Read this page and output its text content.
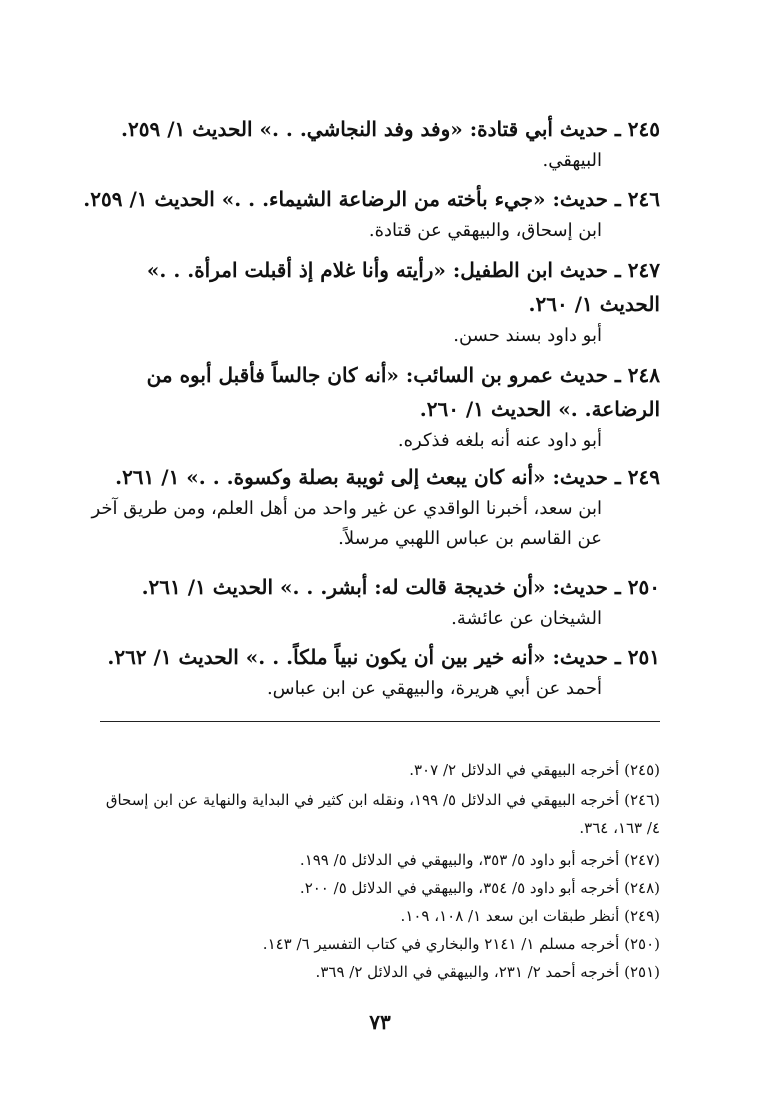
٢٤٥ ـ حديث أبي قتادة: «وفد وفد النجاشي. . .» الحديث ١/ ٢٥٩.

البيهقي.

٢٤٦ ـ حديث: «جيء بأخته من الرضاعة الشيماء. . .» الحديث ١/ ٢٥٩.

ابن إسحاق، والبيهقي عن قتادة.

٢٤٧ ـ حديث ابن الطفيل: «رأيته وأنا غلام إذ أقبلت امرأة. . .» الحديث ١/ ٢٦٠.

أبو داود بسند حسن.

٢٤٨ ـ حديث عمرو بن السائب: «أنه كان جالساً فأقبل أبوه من الرضاعة. .» الحديث ١/ ٢٦٠.

أبو داود عنه أنه بلغه فذكره.

٢٤٩ ـ حديث: «أنه كان يبعث إلى ثويبة بصلة وكسوة. . .» ١/ ٢٦١.

ابن سعد، أخبرنا الواقدي عن غير واحد من أهل العلم، ومن طريق آخر عن القاسم بن عباس اللهبي مرسلاً.

٢٥٠ ـ حديث: «أن خديجة قالت له: أبشر. . .» الحديث ١/ ٢٦١.

الشيخان عن عائشة.

٢٥١ ـ حديث: «أنه خير بين أن يكون نبياً ملكاً. . .» الحديث ١/ ٢٦٢.

أحمد عن أبي هريرة، والبيهقي عن ابن عباس.

(٢٤٥) أخرجه البيهقي في الدلائل ٢/ ٣٠٧.

(٢٤٦) أخرجه البيهقي في الدلائل ٥/ ١٩٩، ونقله ابن كثير في البداية والنهاية عن ابن إسحاق ٤/ ١٦٣، ٣٦٤.

(٢٤٧) أخرجه أبو داود ٥/ ٣٥٣، والبيهقي في الدلائل ٥/ ١٩٩.

(٢٤٨) أخرجه أبو داود ٥/ ٣٥٤، والبيهقي في الدلائل ٥/ ٢٠٠.

(٢٤٩) أنظر طبقات ابن سعد ١/ ١٠٨، ١٠٩.

(٢٥٠) أخرجه مسلم ١/ ٢١٤١ والبخاري في كتاب التفسير ٦/ ١٤٣.

(٢٥١) أخرجه أحمد ٢/ ٢٣١، والبيهقي في الدلائل ٢/ ٣٦٩.

٧٣
